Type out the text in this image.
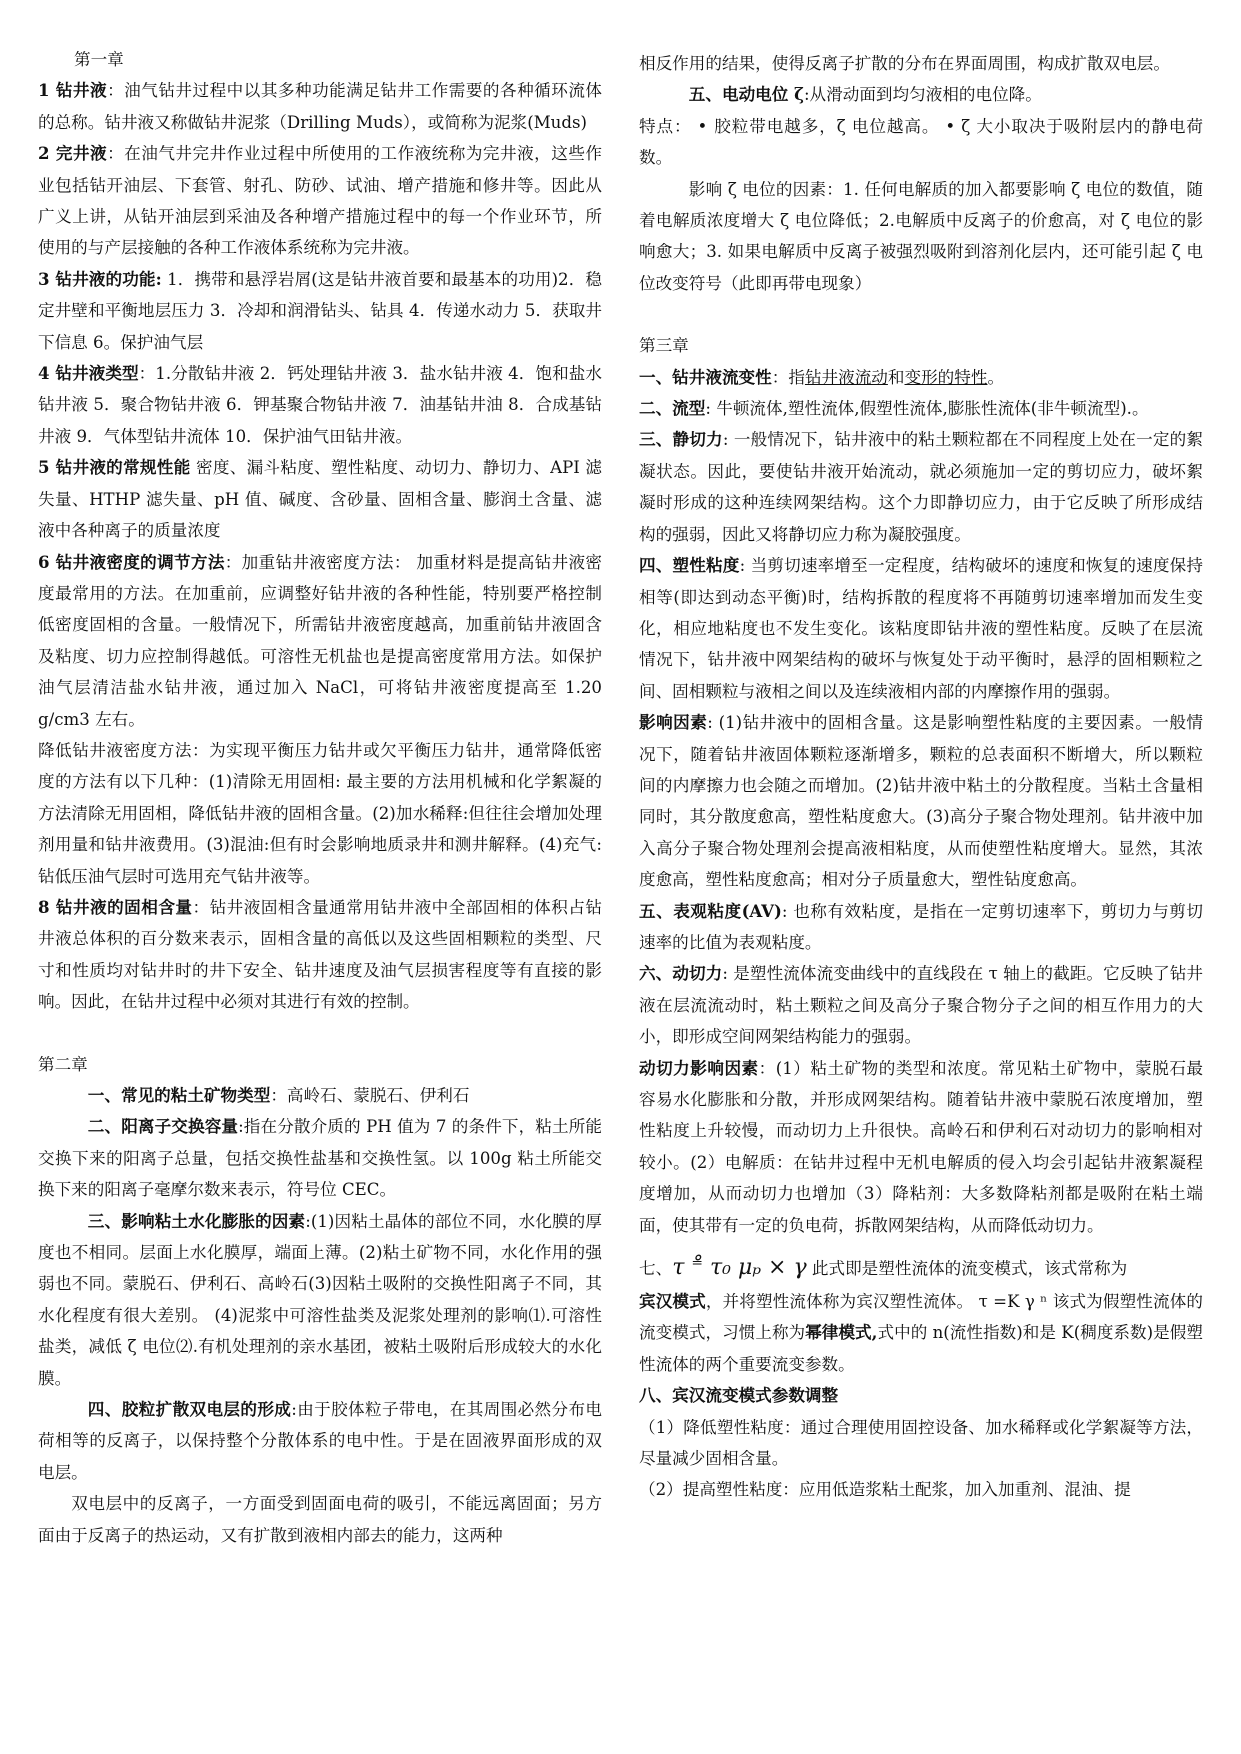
第一章

1 钻井液：油气钻井过程中以其多种功能满足钻井工作需要的各种循环流体的总称。钻井液又称做钻井泥浆（Drilling Muds），或简称为泥浆(Muds)

2 完井液：在油气井完井作业过程中所使用的工作液统称为完井液，这些作业包括钻开油层、下套管、射孔、防砂、试油、增产措施和修井等。因此从广义上讲，从钻开油层到采油及各种增产措施过程中的每一个作业环节，所使用的与产层接触的各种工作液体系统称为完井液。

3 钻井液的功能: 1．携带和悬浮岩屑(这是钻井液首要和最基本的功用)2．稳定井壁和平衡地层压力 3．冷却和润滑钻头、钻具 4．传递水动力 5．获取井下信息 6。保护油气层

4 钻井液类型：1.分散钻井液 2．钙处理钻井液 3．盐水钻井液 4．饱和盐水钻井液 5．聚合物钻井液 6．钾基聚合物钻井液 7．油基钻井油 8．合成基钻井液 9．气体型钻井流体 10．保护油气田钻井液。

5 钻井液的常规性能 密度、漏斗粘度、塑性粘度、动切力、静切力、API 滤失量、HTHP 滤失量、pH 值、碱度、含砂量、固相含量、膨润土含量、滤液中各种离子的质量浓度

6 钻井液密度的调节方法：加重钻井液密度方法： 加重材料是提高钻井液密度最常用的方法。在加重前，应调整好钻井液的各种性能，特别要严格控制低密度固相的含量。一般情况下，所需钻井液密度越高，加重前钻井液固含及粘度、切力应控制得越低。可溶性无机盐也是提高密度常用方法。如保护油气层清洁盐水钻井液，通过加入 NaCl，可将钻井液密度提高至 1.20 g/cm3 左右。

降低钻井液密度方法：为实现平衡压力钻井或欠平衡压力钻井，通常降低密度的方法有以下几种：(1)清除无用固相: 最主要的方法用机械和化学絮凝的方法清除无用固相，降低钻井液的固相含量。(2)加水稀释:但往往会增加处理剂用量和钻井液费用。(3)混油:但有时会影响地质录井和测井解释。(4)充气:钻低压油气层时可选用充气钻井液等。

8 钻井液的固相含量：钻井液固相含量通常用钻井液中全部固相的体积占钻井液总体积的百分数来表示，固相含量的高低以及这些固相颗粒的类型、尺寸和性质均对钻井时的井下安全、钻井速度及油气层损害程度等有直接的影响。因此，在钻井过程中必须对其进行有效的控制。

第二章

一、常见的粘土矿物类型：高岭石、蒙脱石、伊利石

二、阳离子交换容量:指在分散介质的 PH 值为 7 的条件下，粘土所能交换下来的阳离子总量，包括交换性盐基和交换性氢。以 100g 粘土所能交换下来的阳离子毫摩尔数来表示，符号位 CEC。

三、影响粘土水化膨胀的因素:(1)因粘土晶体的部位不同，水化膜的厚度也不相同。层面上水化膜厚，端面上薄。(2)粘土矿物不同，水化作用的强弱也不同。蒙脱石、伊利石、高岭石(3)因粘土吸附的交换性阳离子不同，其水化程度有很大差别。 (4)泥浆中可溶性盐类及泥浆处理剂的影响⑴.可溶性盐类，减低 ζ 电位⑵.有机处理剂的亲水基团，被粘土吸附后形成较大的水化膜。

四、胶粒扩散双电层的形成:由于胶体粒子带电，在其周围必然分布电荷相等的反离子，以保持整个分散体系的电中性。于是在固液界面形成的双电层。

双电层中的反离子，一方面受到固面电荷的吸引，不能远离固面；另方面由于反离子的热运动，又有扩散到液相内部去的能力，这两种

相反作用的结果，使得反离子扩散的分布在界面周围，构成扩散双电层。

五、电动电位 ζ:从滑动面到均匀液相的电位降。

特点： • 胶粒带电越多，ζ 电位越高。 • ζ 大小取决于吸附层内的静电荷数。

影响 ζ 电位的因素：1. 任何电解质的加入都要影响 ζ 电位的数值，随着电解质浓度增大 ζ 电位降低；2.电解质中反离子的价愈高，对 ζ 电位的影响愈大；3. 如果电解质中反离子被强烈吸附到溶剂化层内，还可能引起 ζ 电位改变符号（此即再带电现象）

第三章

一、钻井液流变性：指钻井液流动和变形的特性。

二、流型: 牛顿流体,塑性流体,假塑性流体,膨胀性流体(非牛顿流型).。

三、静切力: 一般情况下，钻井液中的粘土颗粒都在不同程度上处在一定的絮凝状态。因此，要使钻井液开始流动，就必须施加一定的剪切应力，破坏絮凝时形成的这种连续网架结构。这个力即静切应力，由于它反映了所形成结构的强弱，因此又将静切应力称为凝胶强度。

四、塑性粘度: 当剪切速率增至一定程度，结构破坏的速度和恢复的速度保持相等(即达到动态平衡)时，结构拆散的程度将不再随剪切速率增加而发生变化，相应地粘度也不发生变化。该粘度即钻井液的塑性粘度。反映了在层流情况下，钻井液中网架结构的破坏与恢复处于动平衡时，悬浮的固相颗粒之间、固相颗粒与液相之间以及连续液相内部的内摩擦作用的强弱。

影响因素: (1)钻井液中的固相含量。这是影响塑性粘度的主要因素。一般情况下，随着钻井液固体颗粒逐渐增多，颗粒的总表面积不断增大，所以颗粒间的内摩擦力也会随之而增加。(2)钻井液中粘土的分散程度。当粘土含量相同时，其分散度愈高，塑性粘度愈大。(3)高分子聚合物处理剂。钻井液中加入高分子聚合物处理剂会提高液相粘度，从而使塑性粘度增大。显然，其浓度愈高，塑性粘度愈高；相对分子质量愈大，塑性钻度愈高。

五、表观粘度(AV): 也称有效粘度，是指在一定剪切速率下，剪切力与剪切速率的比值为表观粘度。

六、动切力: 是塑性流体流变曲线中的直线段在 τ 轴上的截距。它反映了钻井液在层流流动时，粘土颗粒之间及高分子聚合物分子之间的相互作用力的大小，即形成空间网架结构能力的强弱。

动切力影响因素：(1）粘土矿物的类型和浓度。常见粘土矿物中，蒙脱石最容易水化膨胀和分散，并形成网架结构。随着钻井液中蒙脱石浓度增加，塑性粘度上升较慢，而动切力上升很快。高岭石和伊利石对动切力的影响相对较小。(2）电解质：在钻井过程中无机电解质的侵入均会引起钻井液絮凝程度增加，从而动切力也增加（3）降粘剂：大多数降粘剂都是吸附在粘土端面，使其带有一定的负电荷，拆散网架结构，从而降低动切力。

七、τ ⁼̊ τ₀ μₚ × γ 此式即是塑性流体的流变模式，该式常称为

宾汉模式，并将塑性流体称为宾汉塑性流体。 τ =K γ ⁿ 该式为假塑性流体的流变模式，习惯上称为幂律模式,式中的 n(流性指数)和是 K(稠度系数)是假塑性流体的两个重要流变参数。

八、宾汉流变模式参数调整

（1）降低塑性粘度：通过合理使用固控设备、加水稀释或化学絮凝等方法，尽量减少固相含量。

（2）提高塑性粘度：应用低造浆粘土配浆，加入加重剂、混油、提
